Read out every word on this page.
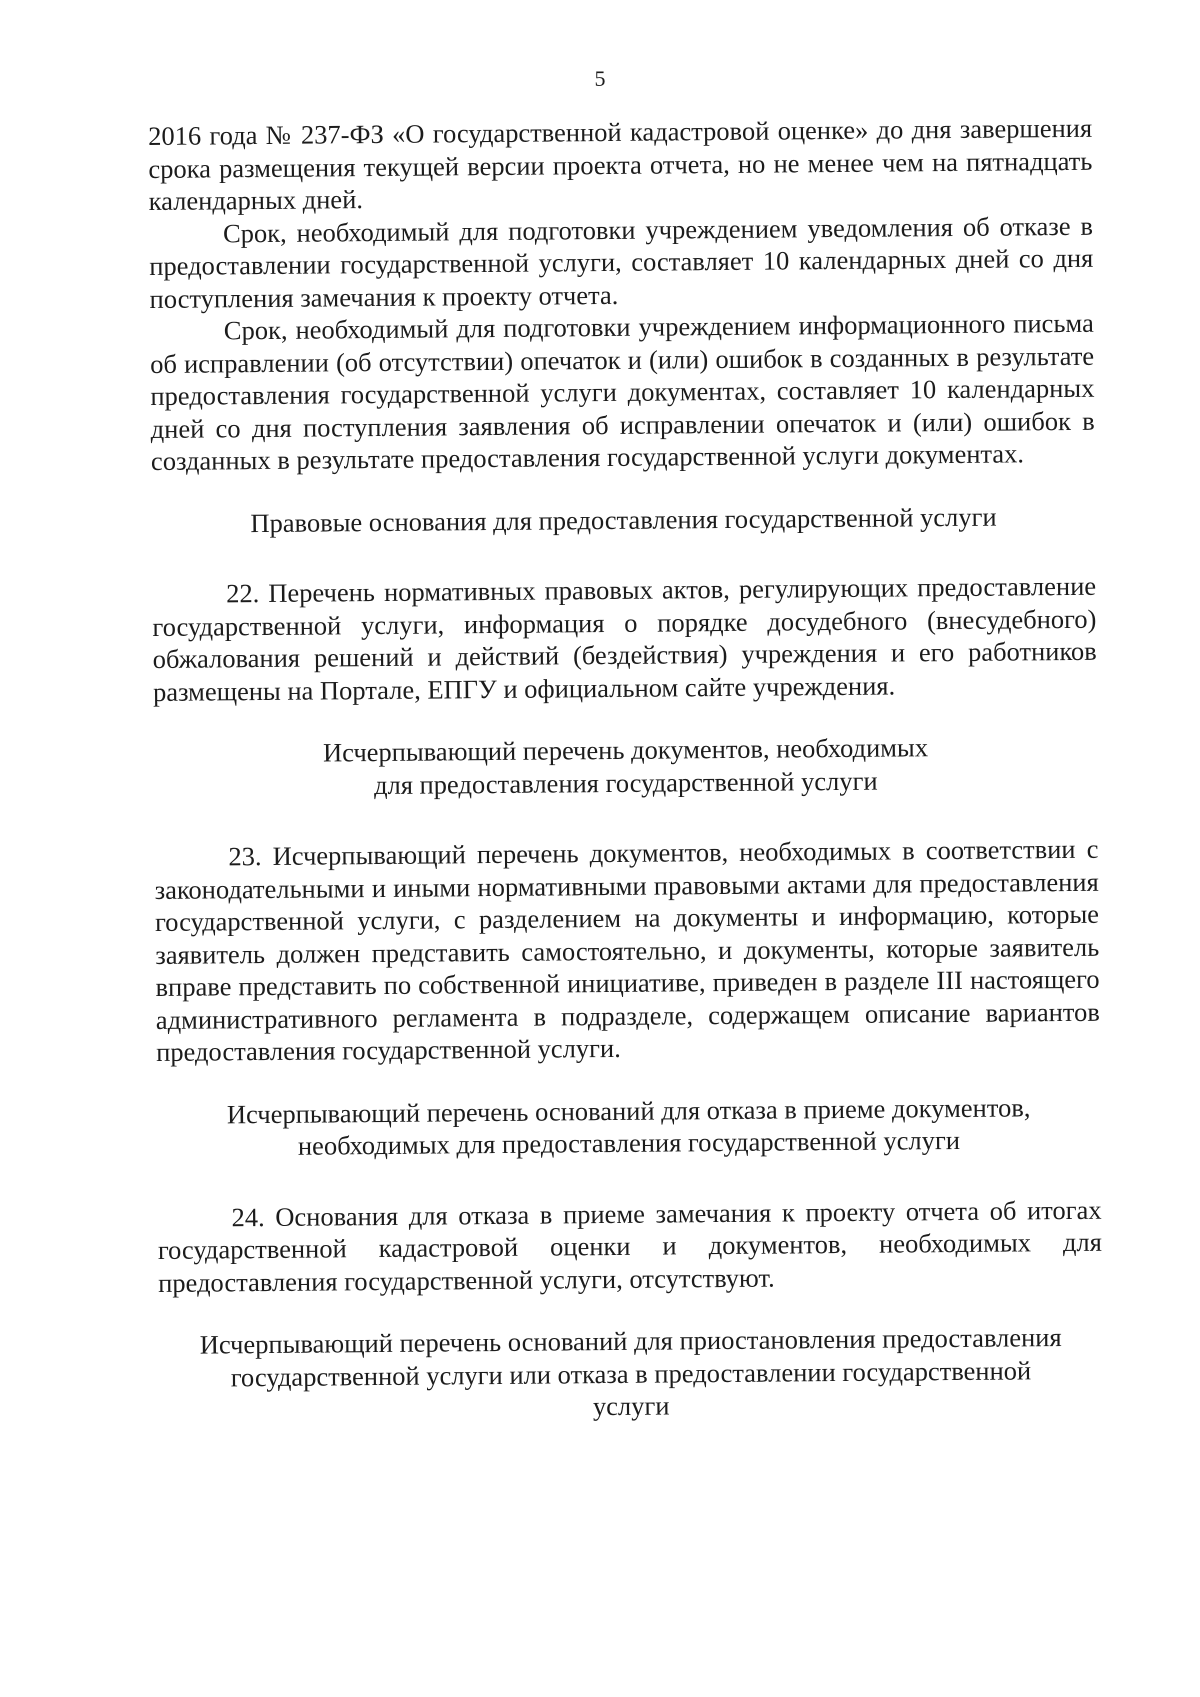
5

2016 года № 237-ФЗ «О государственной кадастровой оценке» до дня завершения срока размещения текущей версии проекта отчета, но не менее чем на пятнадцать календарных дней.

Срок, необходимый для подготовки учреждением уведомления об отказе в предоставлении государственной услуги, составляет 10 календарных дней со дня поступления замечания к проекту отчета.

Срок, необходимый для подготовки учреждением информационного письма об исправлении (об отсутствии) опечаток и (или) ошибок в созданных в результате предоставления государственной услуги документах, составляет 10 календарных дней со дня поступления заявления об исправлении опечаток и (или) ошибок в созданных в результате предоставления государственной услуги документах.

Правовые основания для предоставления государственной услуги

22. Перечень нормативных правовых актов, регулирующих предоставление государственной услуги, информация о порядке досудебного (внесудебного) обжалования решений и действий (бездействия) учреждения и его работников размещены на Портале, ЕПГУ и официальном сайте учреждения.

Исчерпывающий перечень документов, необходимых
для предоставления государственной услуги

23. Исчерпывающий перечень документов, необходимых в соответствии с законодательными и иными нормативными правовыми актами для предоставления государственной услуги, с разделением на документы и информацию, которые заявитель должен представить самостоятельно, и документы, которые заявитель вправе представить по собственной инициативе, приведен в разделе III настоящего административного регламента в подразделе, содержащем описание вариантов предоставления государственной услуги.

Исчерпывающий перечень оснований для отказа в приеме документов,
необходимых для предоставления государственной услуги

24. Основания для отказа в приеме замечания к проекту отчета об итогах государственной кадастровой оценки и документов, необходимых для предоставления государственной услуги, отсутствуют.

Исчерпывающий перечень оснований для приостановления предоставления
государственной услуги или отказа в предоставлении государственной
услуги
